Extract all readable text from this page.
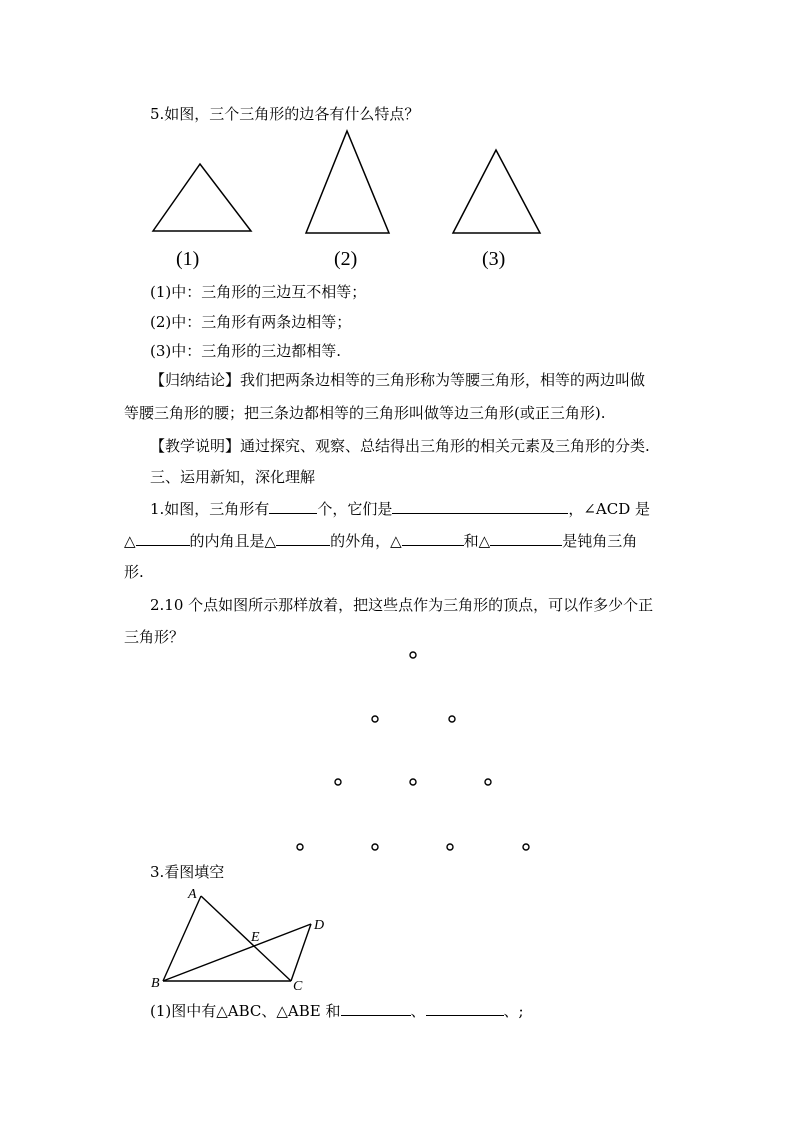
5.如图，三个三角形的边各有什么特点？

A
B	C
D
E
(1)	(2)	(3)

(1)中：三角形的三边互不相等；

(2)中：三角形有两条边相等；

(3)中：三角形的三边都相等.

【归纳结论】我们把两条边相等的三角形称为等腰三角形，相等的两边叫做

等腰三角形的腰；把三条边都相等的三角形叫做等边三角形(或正三角形).

【教学说明】通过探究、观察、总结得出三角形的相关元素及三角形的分类.

三、运用新知，深化理解

1.如图，三角形有	个，它们是	，∠ACD 是

△	的内角且是△	的外角，△	和△	是钝角三角

形.

2.10 个点如图所示那样放着，把这些点作为三角形的顶点，可以作多少个正

三角形？

3.看图填空

(1)图中有△ABC、△ABE 和	、	、;
